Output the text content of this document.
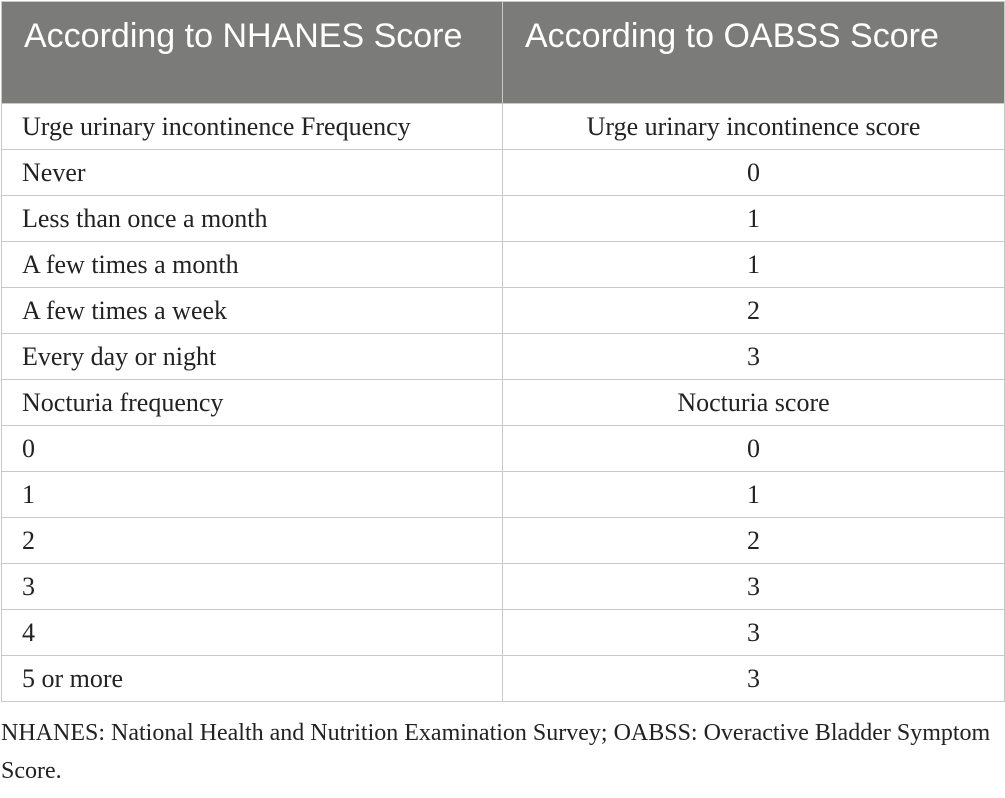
According to NHANES Score	According to OABSS Score
Urge urinary incontinence Frequency	Urge urinary incontinence score
Never	0
Less than once a month	1
A few times a month	1
A few times a week	2
Every day or night	3
Nocturia frequency	Nocturia score
0	0
1	1
2	2
3	3
4	3
5 or more	3

NHANES: National Health and Nutrition Examination Survey; OABSS: Overactive Bladder Symptom Score.
